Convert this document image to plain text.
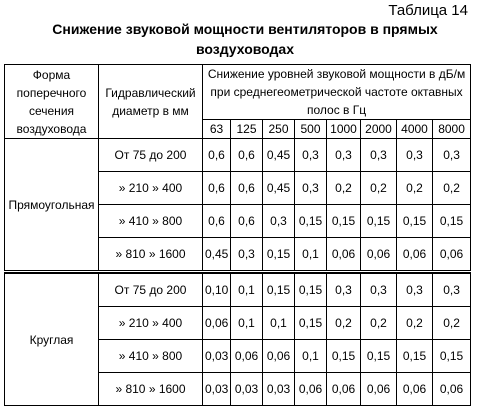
Таблица 14
Снижение звуковой мощности вентиляторов в прямых воздуховодах
Форма поперечного сечения воздуховода	Гидравлический диаметр в мм	Снижение уровней звуковой мощности в дБ/м при среднегеометрической частоте октавных полос в Гц							
		63	125	250	500	1000	2000	4000	8000
Прямоугольная	От 75 до 200	0,6	0,6	0,45	0,3	0,3	0,3	0,3	0,3
	» 210 » 400	0,6	0,6	0,45	0,3	0,2	0,2	0,2	0,2
	» 410 » 800	0,6	0,6	0,3	0,15	0,15	0,15	0,15	0,15
	» 810 » 1600	0,45	0,3	0,15	0,1	0,06	0,06	0,06	0,06

Круглая	От 75 до 200	0,10	0,1	0,15	0,15	0,3	0,3	0,3	0,3
	» 210 » 400	0,06	0,1	0,1	0,15	0,2	0,2	0,2	0,2
	» 410 » 800	0,03	0,06	0,06	0,1	0,15	0,15	0,15	0,15
	» 810 » 1600	0,03	0,03	0,03	0,06	0,06	0,06	0,06	0,06
